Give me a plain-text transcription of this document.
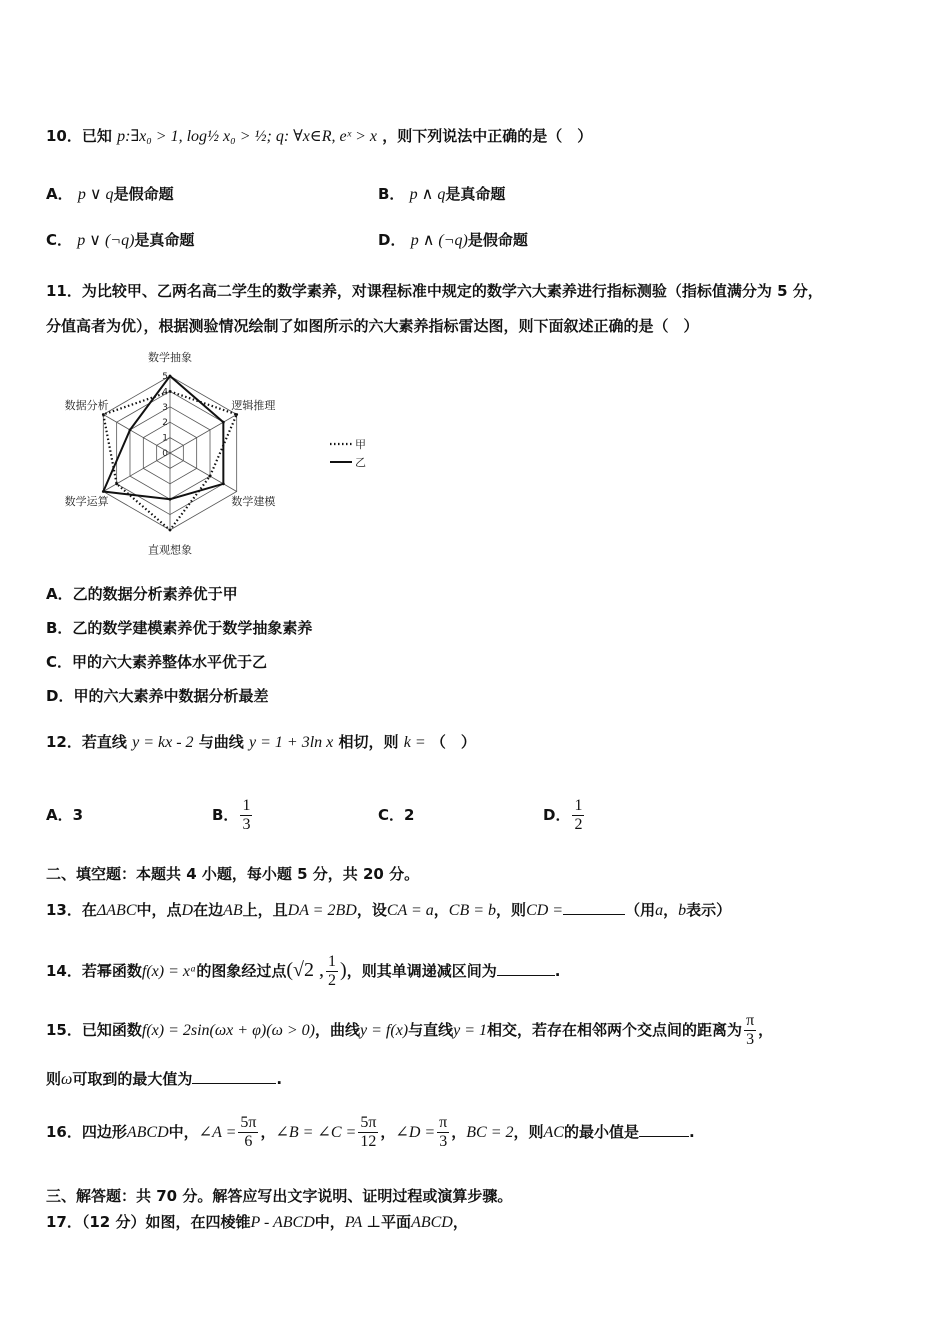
10．已知 p:∃x₀ > 1, log½ x₀ > ½; q: ∀x∈R, eˣ > x ，则下列说法中正确的是（　）
A． p ∨ q是假命题	B． p ∧ q是真命题
C． p ∨ (¬q)是真命题	D． p ∧ (¬q)是假命题
11．为比较甲、乙两名高二学生的数学素养，对课程标准中规定的数学六大素养进行指标测验（指标值满分为 5 分，
分值高者为优），根据测验情况绘制了如图所示的六大素养指标雷达图，则下面叙述正确的是（　）
数学抽象
逻辑推理
数学建模
直观想象
数学运算
数据分析
0
1
2
3
4
5
甲
乙
A．乙的数据分析素养优于甲
B．乙的数学建模素养优于数学抽象素养
C．甲的六大素养整体水平优于乙
D．甲的六大素养中数据分析最差
12．若直线 y = kx - 2 与曲线 y = 1 + 3ln x 相切，则 k = （　）
A．3	B． $\frac{1}{3}$	C．2	D． $\frac{1}{2}$
二、填空题：本题共 4 小题，每小题 5 分，共 20 分。
13．在ΔABC中，点D在边AB上，且DA = 2BD，设CA = a，CB = b，则CD =	（用a，b表示）
14．若幂函数f(x) = xᵃ的图象经过点(√2 , $\frac{1}{2}$ )，则其单调递减区间为	.
15．已知函数f(x) = 2sin(ωx + φ)(ω > 0)，曲线y = f(x)与直线y = 1相交，若存在相邻两个交点间的距离为 $\frac{\pi}{3}$ ，
则ω可取到的最大值为	.
16．四边形ABCD中，∠A = $\frac{5\pi}{6}$ ，∠B = ∠C = $\frac{5\pi}{12}$ ，∠D = $\frac{\pi}{3}$ ，BC = 2，则AC的最小值是	.
三、解答题：共 70 分。解答应写出文字说明、证明过程或演算步骤。
17．（12 分）如图，在四棱锥P - ABCD中，PA ⊥平面ABCD，
